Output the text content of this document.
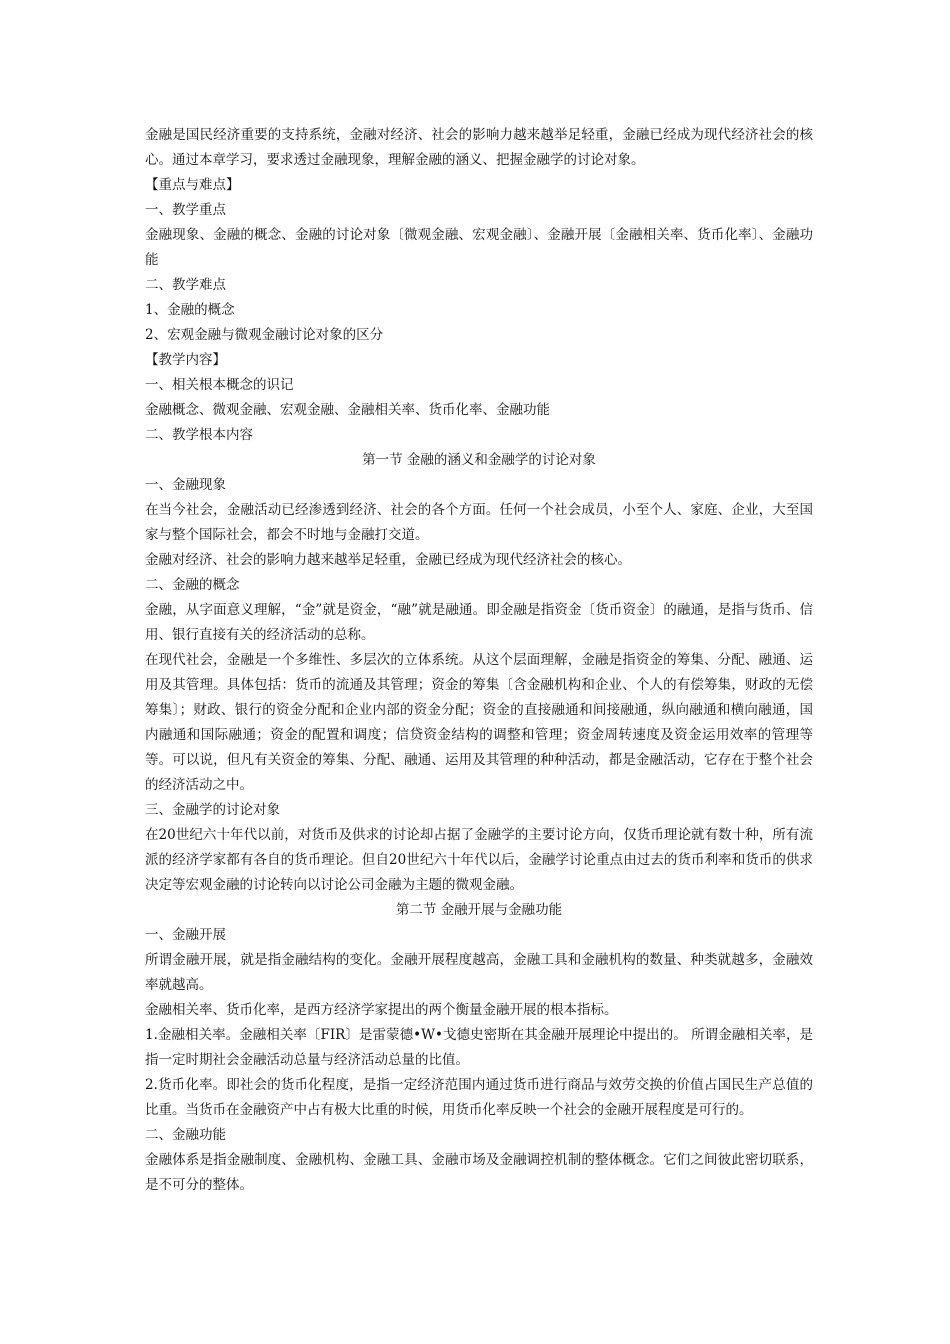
金融是国民经济重要的支持系统，金融对经济、社会的影响力越来越举足轻重，金融已经成为现代经济社会的核心。通过本章学习，要求透过金融现象，理解金融的涵义、把握金融学的讨论对象。

【重点与难点】

一、教学重点

金融现象、金融的概念、金融的讨论对象〔微观金融、宏观金融〕、金融开展〔金融相关率、货币化率〕、金融功能

二、教学难点

1、金融的概念

2、宏观金融与微观金融讨论对象的区分

【教学内容】

一、相关根本概念的识记

金融概念、微观金融、宏观金融、金融相关率、货币化率、金融功能

二、教学根本内容

第一节 金融的涵义和金融学的讨论对象

一、金融现象

在当今社会，金融活动已经渗透到经济、社会的各个方面。任何一个社会成员，小至个人、家庭、企业，大至国家与整个国际社会，都会不时地与金融打交道。

金融对经济、社会的影响力越来越举足轻重，金融已经成为现代经济社会的核心。

二、金融的概念

金融，从字面意义理解，“金”就是资金，“融”就是融通。即金融是指资金〔货币资金〕的融通，是指与货币、信用、银行直接有关的经济活动的总称。

在现代社会，金融是一个多维性、多层次的立体系统。从这个层面理解，金融是指资金的筹集、分配、融通、运用及其管理。具体包括：货币的流通及其管理；资金的筹集〔含金融机构和企业、个人的有偿筹集，财政的无偿筹集〕；财政、银行的资金分配和企业内部的资金分配；资金的直接融通和间接融通，纵向融通和横向融通，国内融通和国际融通；资金的配置和调度；信贷资金结构的调整和管理；资金周转速度及资金运用效率的管理等等。可以说，但凡有关资金的筹集、分配、融通、运用及其管理的种种活动，都是金融活动，它存在于整个社会的经济活动之中。

三、金融学的讨论对象

在20世纪六十年代以前，对货币及供求的讨论却占据了金融学的主要讨论方向，仅货币理论就有数十种，所有流派的经济学家都有各自的货币理论。但自20世纪六十年代以后，金融学讨论重点由过去的货币利率和货币的供求决定等宏观金融的讨论转向以讨论公司金融为主题的微观金融。

第二节 金融开展与金融功能

一、金融开展

所谓金融开展，就是指金融结构的变化。金融开展程度越高，金融工具和金融机构的数量、种类就越多，金融效率就越高。

金融相关率、货币化率，是西方经济学家提出的两个衡量金融开展的根本指标。

1.金融相关率。金融相关率〔FIR〕是雷蒙德•W•戈德史密斯在其金融开展理论中提出的。 所谓金融相关率，是指一定时期社会金融活动总量与经济活动总量的比值。

2.货币化率。即社会的货币化程度，是指一定经济范围内通过货币进行商品与效劳交换的价值占国民生产总值的比重。当货币在金融资产中占有极大比重的时候，用货币化率反映一个社会的金融开展程度是可行的。

二、金融功能

金融体系是指金融制度、金融机构、金融工具、金融市场及金融调控机制的整体概念。它们之间彼此密切联系，是不可分的整体。
